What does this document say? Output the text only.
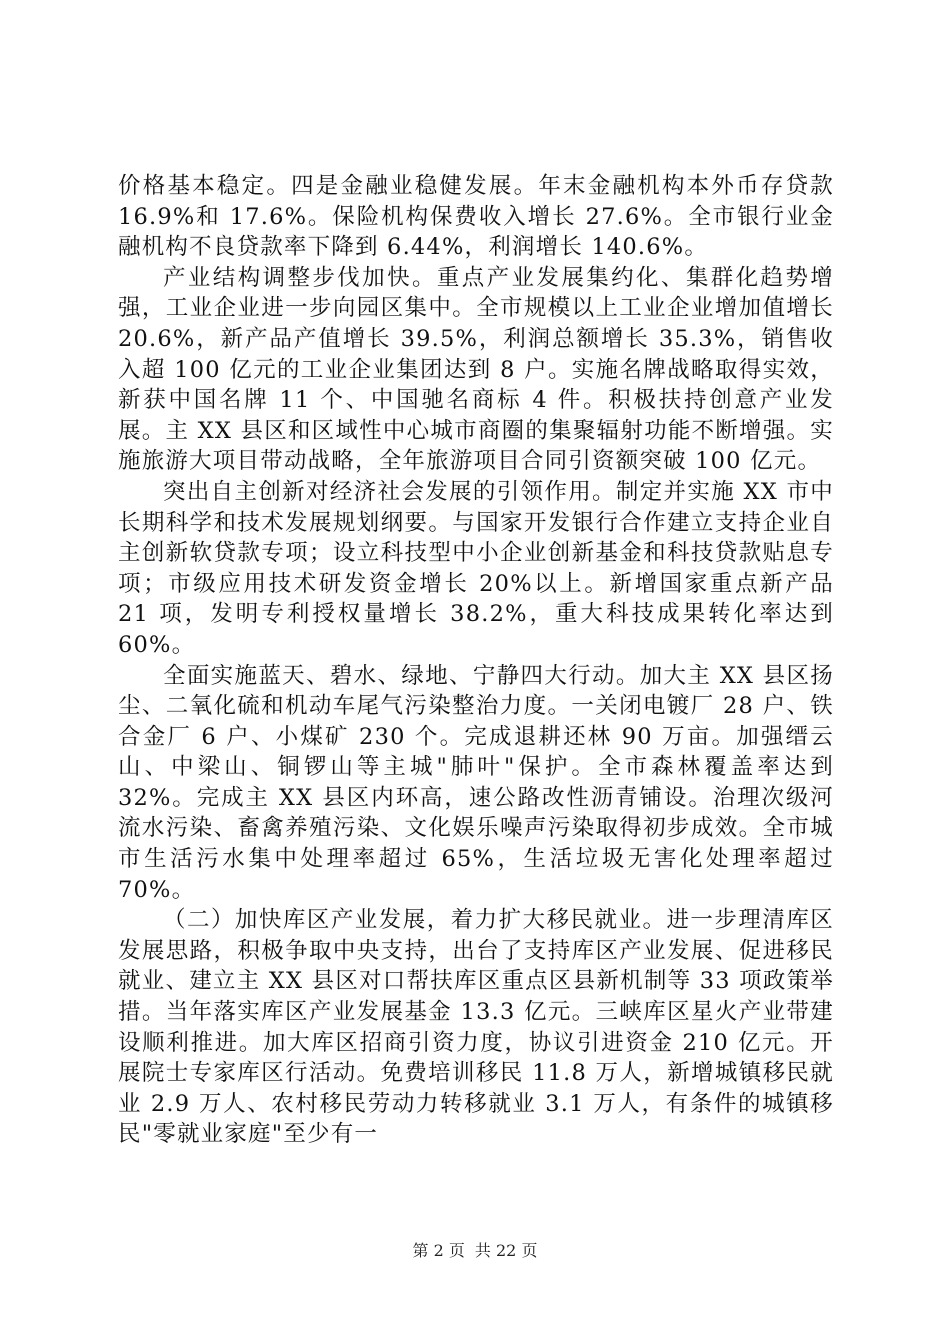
价格基本稳定。四是金融业稳健发展。年末金融机构本外币存贷款 16.9%和 17.6%。保险机构保费收入增长 27.6%。全市银行业金融机构不良贷款率下降到 6.44%，利润增长 140.6%。

产业结构调整步伐加快。重点产业发展集约化、集群化趋势增强，工业企业进一步向园区集中。全市规模以上工业企业增加值增长 20.6%，新产品产值增长 39.5%，利润总额增长 35.3%，销售收入超 100 亿元的工业企业集团达到 8 户。实施名牌战略取得实效，新获中国名牌 11 个、中国驰名商标 4 件。积极扶持创意产业发展。主 XX 县区和区域性中心城市商圈的集聚辐射功能不断增强。实施旅游大项目带动战略，全年旅游项目合同引资额突破 100 亿元。

突出自主创新对经济社会发展的引领作用。制定并实施 XX 市中长期科学和技术发展规划纲要。与国家开发银行合作建立支持企业自主创新软贷款专项；设立科技型中小企业创新基金和科技贷款贴息专项；市级应用技术研发资金增长 20%以上。新增国家重点新产品 21 项，发明专利授权量增长 38.2%，重大科技成果转化率达到 60%。

全面实施蓝天、碧水、绿地、宁静四大行动。加大主 XX 县区扬尘、二氧化硫和机动车尾气污染整治力度。一关闭电镀厂 28 户、铁合金厂 6 户、小煤矿 230 个。完成退耕还林 90 万亩。加强缙云山、中梁山、铜锣山等主城"肺叶"保护。全市森林覆盖率达到 32%。完成主 XX 县区内环高，速公路改性沥青铺设。治理次级河流水污染、畜禽养殖污染、文化娱乐噪声污染取得初步成效。全市城市生活污水集中处理率超过 65%，生活垃圾无害化处理率超过 70%。

（二）加快库区产业发展，着力扩大移民就业。进一步理清库区发展思路，积极争取中央支持，出台了支持库区产业发展、促进移民就业、建立主 XX 县区对口帮扶库区重点区县新机制等 33 项政策举措。当年落实库区产业发展基金 13.3 亿元。三峡库区星火产业带建设顺利推进。加大库区招商引资力度，协议引进资金 210 亿元。开展院士专家库区行活动。免费培训移民 11.8 万人，新增城镇移民就业 2.9 万人、农村移民劳动力转移就业 3.1 万人，有条件的城镇移民"零就业家庭"至少有一

第 2 页 共 22 页
